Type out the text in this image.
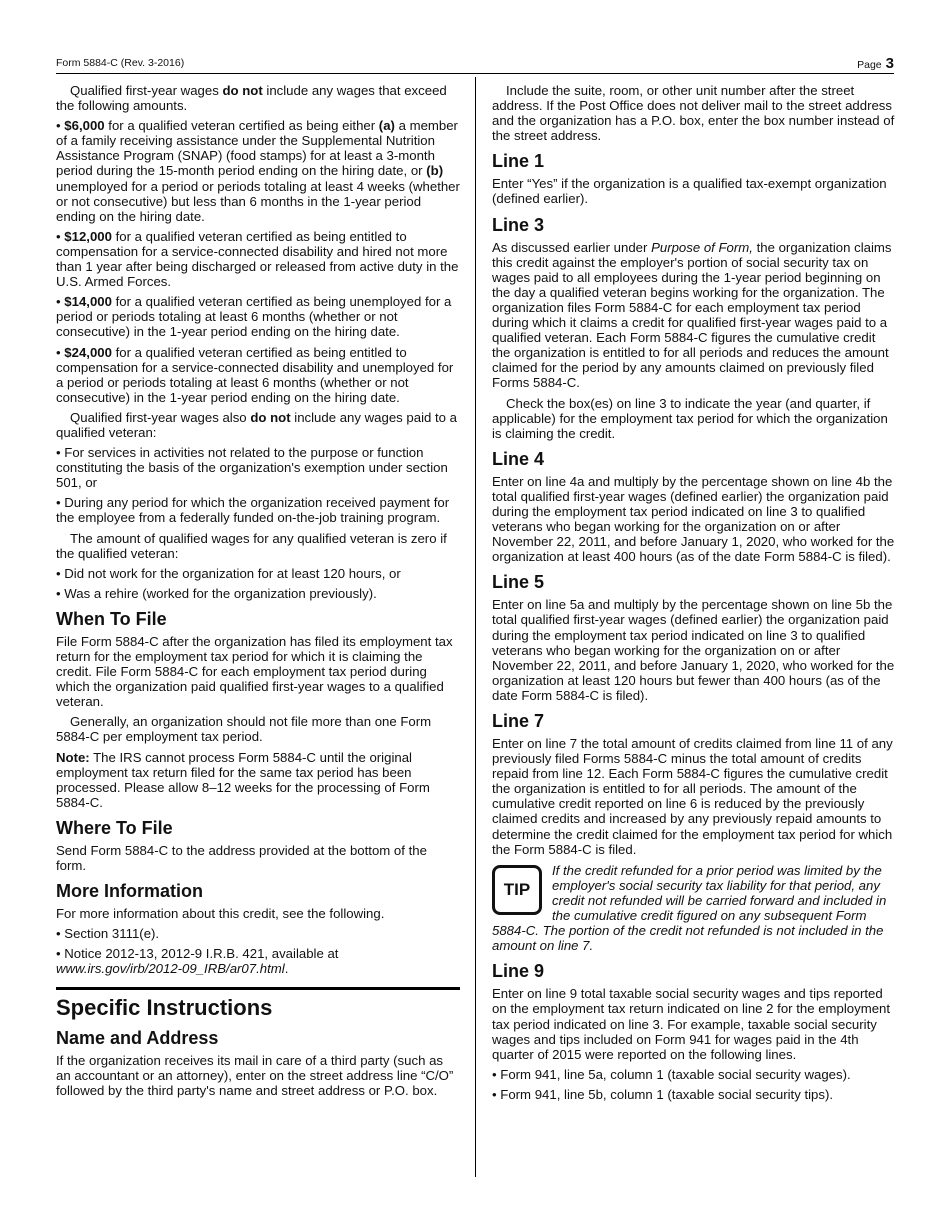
Form 5884-C (Rev. 3-2016)	Page 3

Qualified first-year wages do not include any wages that exceed the following amounts.

• $6,000 for a qualified veteran certified as being either (a) a member of a family receiving assistance under the Supplemental Nutrition Assistance Program (SNAP) (food stamps) for at least a 3-month period during the 15-month period ending on the hiring date, or (b) unemployed for a period or periods totaling at least 4 weeks (whether or not consecutive) but less than 6 months in the 1-year period ending on the hiring date.

• $12,000 for a qualified veteran certified as being entitled to compensation for a service-connected disability and hired not more than 1 year after being discharged or released from active duty in the U.S. Armed Forces.

• $14,000 for a qualified veteran certified as being unemployed for a period or periods totaling at least 6 months (whether or not consecutive) in the 1-year period ending on the hiring date.

• $24,000 for a qualified veteran certified as being entitled to compensation for a service-connected disability and unemployed for a period or periods totaling at least 6 months (whether or not consecutive) in the 1-year period ending on the hiring date.

Qualified first-year wages also do not include any wages paid to a qualified veteran:

• For services in activities not related to the purpose or function constituting the basis of the organization's exemption under section 501, or

• During any period for which the organization received payment for the employee from a federally funded on-the-job training program.

The amount of qualified wages for any qualified veteran is zero if the qualified veteran:

• Did not work for the organization for at least 120 hours, or

• Was a rehire (worked for the organization previously).

When To File

File Form 5884-C after the organization has filed its employment tax return for the employment tax period for which it is claiming the credit. File Form 5884-C for each employment tax period during which the organization paid qualified first-year wages to a qualified veteran.

Generally, an organization should not file more than one Form 5884-C per employment tax period.

Note: The IRS cannot process Form 5884-C until the original employment tax return filed for the same tax period has been processed. Please allow 8–12 weeks for the processing of Form 5884-C.

Where To File

Send Form 5884-C to the address provided at the bottom of the form.

More Information

For more information about this credit, see the following.

• Section 3111(e).

• Notice 2012-13, 2012-9 I.R.B. 421, available at www.irs.gov/irb/2012-09_IRB/ar07.html.

Specific Instructions
Name and Address

If the organization receives its mail in care of a third party (such as an accountant or an attorney), enter on the street address line “C/O” followed by the third party's name and street address or P.O. box.

Include the suite, room, or other unit number after the street address. If the Post Office does not deliver mail to the street address and the organization has a P.O. box, enter the box number instead of the street address.

Line 1

Enter “Yes” if the organization is a qualified tax-exempt organization (defined earlier).

Line 3

As discussed earlier under Purpose of Form, the organization claims this credit against the employer's portion of social security tax on wages paid to all employees during the 1-year period beginning on the day a qualified veteran begins working for the organization. The organization files Form 5884-C for each employment tax period during which it claims a credit for qualified first-year wages paid to a qualified veteran. Each Form 5884-C figures the cumulative credit the organization is entitled to for all periods and reduces the amount claimed for the period by any amounts claimed on previously filed Forms 5884-C.

Check the box(es) on line 3 to indicate the year (and quarter, if applicable) for the employment tax period for which the organization is claiming the credit.

Line 4

Enter on line 4a and multiply by the percentage shown on line 4b the total qualified first-year wages (defined earlier) the organization paid during the employment tax period indicated on line 3 to qualified veterans who began working for the organization on or after November 22, 2011, and before January 1, 2020, who worked for the organization at least 400 hours (as of the date Form 5884-C is filed).

Line 5

Enter on line 5a and multiply by the percentage shown on line 5b the total qualified first-year wages (defined earlier) the organization paid during the employment tax period indicated on line 3 to qualified veterans who began working for the organization on or after November 22, 2011, and before January 1, 2020, who worked for the organization at least 120 hours but fewer than 400 hours (as of the date Form 5884-C is filed).

Line 7

Enter on line 7 the total amount of credits claimed from line 11 of any previously filed Forms 5884-C minus the total amount of credits repaid from line 12. Each Form 5884-C figures the cumulative credit the organization is entitled to for all periods. The amount of the cumulative credit reported on line 6 is reduced by the previously claimed credits and increased by any previously repaid amounts to determine the credit claimed for the employment tax period for which the Form 5884-C is filed.

TIP
If the credit refunded for a prior period was limited by the employer's social security tax liability for that period, any credit not refunded will be carried forward and included in the cumulative credit figured on any subsequent Form 5884-C. The portion of the credit not refunded is not included in the amount on line 7.
Line 9

Enter on line 9 total taxable social security wages and tips reported on the employment tax return indicated on line 2 for the employment tax period indicated on line 3. For example, taxable social security wages and tips included on Form 941 for wages paid in the 4th quarter of 2015 were reported on the following lines.

• Form 941, line 5a, column 1 (taxable social security wages).

• Form 941, line 5b, column 1 (taxable social security tips).
